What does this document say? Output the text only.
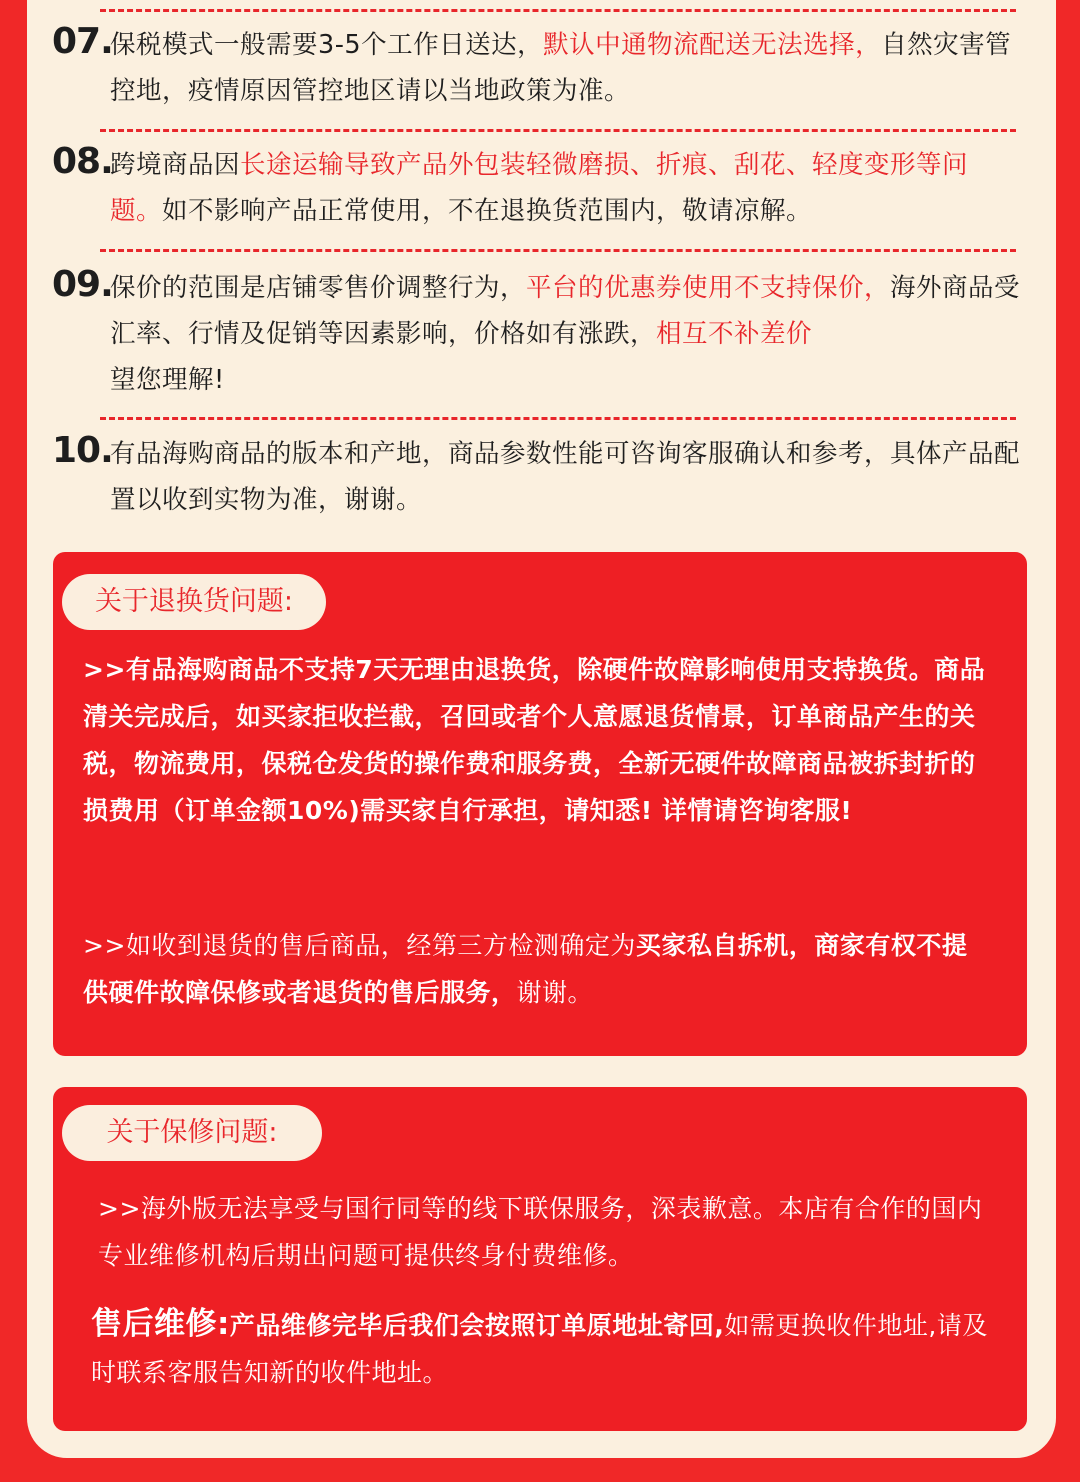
07.
保税模式一般需要3-5个工作日送达，默认中通物流配送无法选择，自然灾害管控地，疫情原因管控地区请以当地政策为准。
08.
跨境商品因长途运输导致产品外包装轻微磨损、折痕、刮花、轻度变形等问题。如不影响产品正常使用，不在退换货范围内，敬请凉解。
09.
保价的范围是店铺零售价调整行为，平台的优惠券使用不支持保价，海外商品受汇率、行情及促销等因素影响，价格如有涨跌，相互不补差价
望您理解!
10.
有品海购商品的版本和产地，商品参数性能可咨询客服确认和参考，具体产品配置以收到实物为准，谢谢。
关于退换货问题:
>>有品海购商品不支持7天无理由退换货，除硬件故障影响使用支持换货。商品清关完成后，如买家拒收拦截，召回或者个人意愿退货情景，订单商品产生的关税，物流费用，保税仓发货的操作费和服务费，全新无硬件故障商品被拆封折的损费用（订单金额10%)需买家自行承担，请知悉! 详情请咨询客服!
>>如收到退货的售后商品，经第三方检测确定为买家私自拆机，商家有权不提供硬件故障保修或者退货的售后服务，谢谢。
关于保修问题:
>>海外版无法享受与国行同等的线下联保服务，深表歉意。本店有合作的国内专业维修机构后期出问题可提供终身付费维修。
售后维修:产品维修完毕后我们会按照订单原地址寄回,如需更换收件地址,请及时联系客服告知新的收件地址。
